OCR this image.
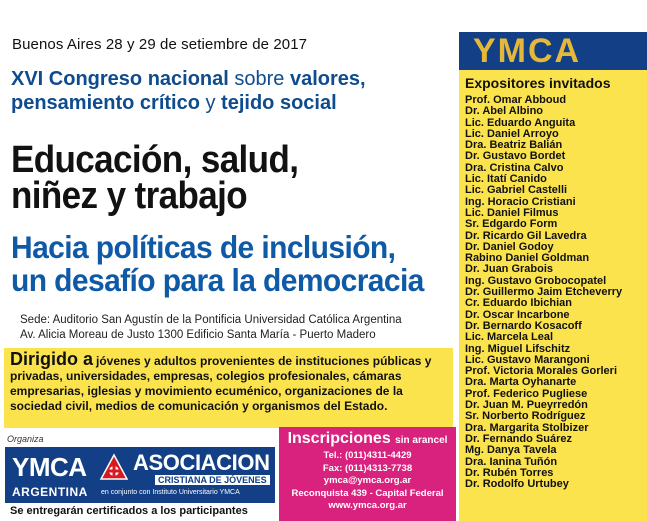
Buenos Aires 28 y 29 de setiembre de 2017
XVI Congreso nacional sobre valores, pensamiento crítico y tejido social
Educación, salud,
niñez y trabajo
Hacia políticas de inclusión,
un desafío para la democracia
Sede: Auditorio San Agustín de la Pontificia Universidad Católica Argentina
Av. Alicia Moreau de Justo 1300 Edificio Santa María - Puerto Madero
Dirigido a jóvenes y adultos provenientes de instituciones públicas y privadas, universidades, empresas, colegios profesionales, cámaras empresarias, iglesias y movimiento ecuménico, organizaciones de la sociedad civil, medios de comunicación y organismos del Estado.
Organiza
YMCA ASOCIACION
CRISTIANA DE JÓVENES
ARGENTINA en conjunto con Instituto Universitario YMCA
Se entregarán certificados a los participantes
Inscripciones sin arancel
Tel.: (011)4311-4429
Fax: (011)4313-7738
ymca@ymca.org.ar
Reconquista 439 - Capital Federal
www.ymca.org.ar
YMCA
Expositores invitados
Prof. Omar Abboud
Dr. Abel Albino
Lic. Eduardo Anguita
Lic. Daniel Arroyo
Dra. Beatriz Balián
Dr. Gustavo Bordet
Dra. Cristina Calvo
Lic. Itatí Canido
Lic. Gabriel Castelli
Ing. Horacio Cristiani
Lic. Daniel Filmus
Sr. Edgardo Form
Dr. Ricardo Gil Lavedra
Dr. Daniel Godoy
Rabino Daniel Goldman
Dr. Juan Grabois
Ing. Gustavo Grobocopatel
Dr. Guillermo Jaim Etcheverry
Cr. Eduardo Ibichian
Dr. Oscar Incarbone
Dr. Bernardo Kosacoff
Lic. Marcela Leal
Ing. Miguel Lifschitz
Lic. Gustavo Marangoni
Prof. Victoria Morales Gorleri
Dra. Marta Oyhanarte
Prof. Federico Pugliese
Dr. Juan M. Pueyrredón
Sr. Norberto Rodríguez
Dra. Margarita Stolbizer
Dr. Fernando Suárez
Mg. Danya Tavela
Dra. Ianina Tuñón
Dr. Rubén Torres
Dr. Rodolfo Urtubey
